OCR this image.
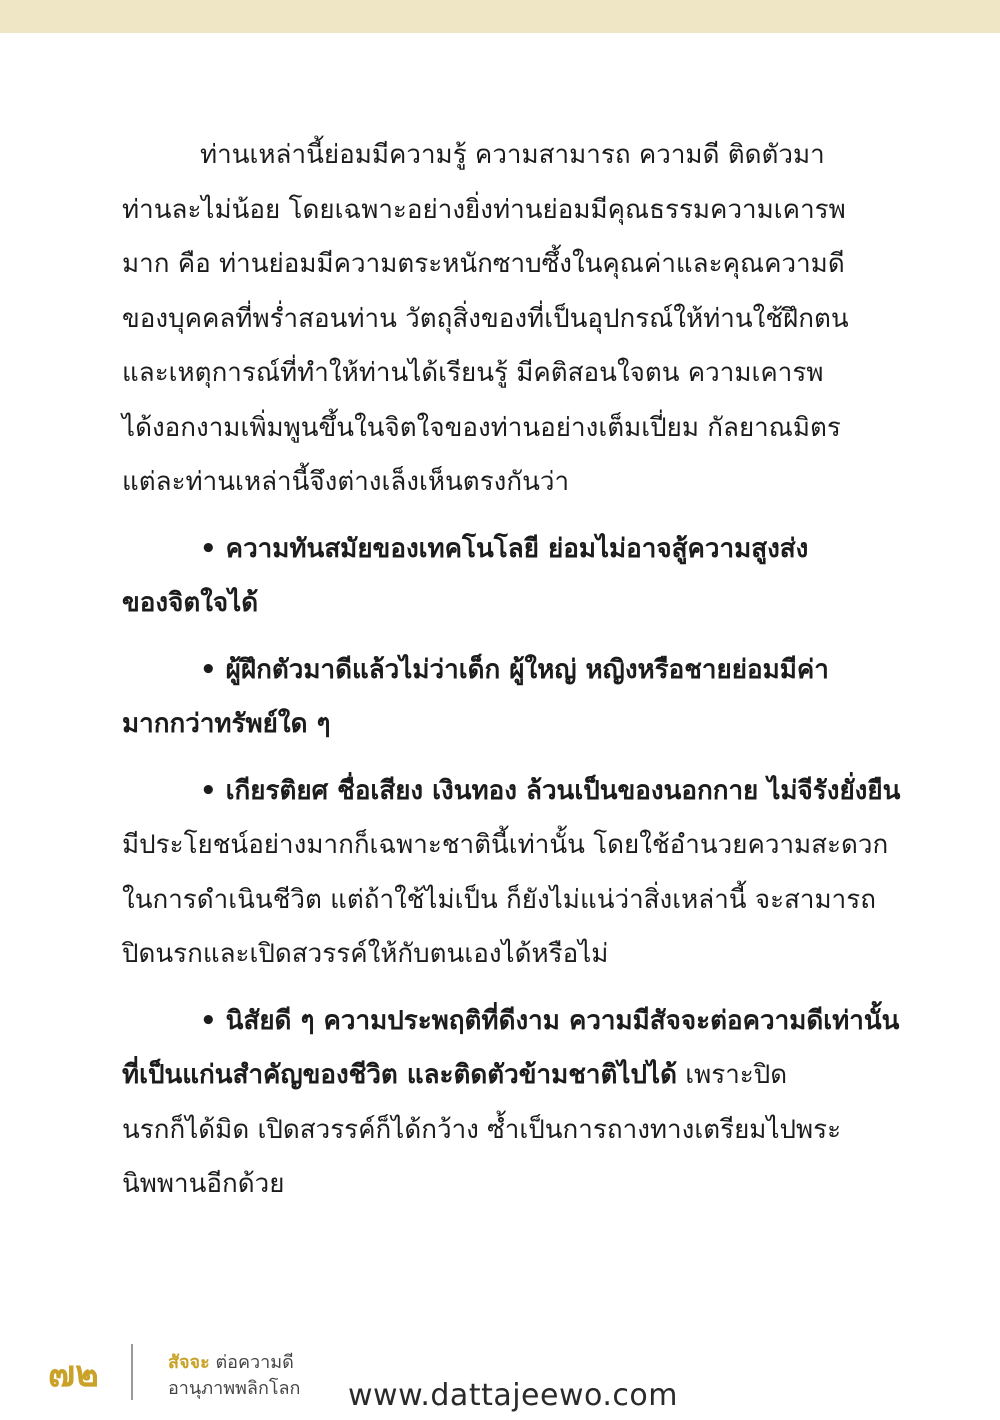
ท่านเหล่านี้ย่อมมีความรู้ ความสามารถ ความดี ติดตัวมา
ท่านละไม่น้อย โดยเฉพาะอย่างยิ่งท่านย่อมมีคุณธรรมความเคารพ
มาก คือ ท่านย่อมมีความตระหนักซาบซึ้งในคุณค่าและคุณความดี
ของบุคคลที่พร่ำสอนท่าน วัตถุสิ่งของที่เป็นอุปกรณ์ให้ท่านใช้ฝึกตน
และเหตุการณ์ที่ทำให้ท่านได้เรียนรู้ มีคติสอนใจตน ความเคารพ
ได้งอกงามเพิ่มพูนขึ้นในจิตใจของท่านอย่างเต็มเปี่ยม กัลยาณมิตร
แต่ละท่านเหล่านี้จึงต่างเล็งเห็นตรงกันว่า

• ความทันสมัยของเทคโนโลยี ย่อมไม่อาจสู้ความสูงส่ง
ของจิตใจได้

• ผู้ฝึกตัวมาดีแล้วไม่ว่าเด็ก ผู้ใหญ่ หญิงหรือชายย่อมมีค่า
มากกว่าทรัพย์ใด ๆ

• เกียรติยศ ชื่อเสียง เงินทอง ล้วนเป็นของนอกกาย ไม่จีรังยั่งยืน
มีประโยชน์อย่างมากก็เฉพาะชาตินี้เท่านั้น โดยใช้อำนวยความสะดวก
ในการดำเนินชีวิต แต่ถ้าใช้ไม่เป็น ก็ยังไม่แน่ว่าสิ่งเหล่านี้ จะสามารถ
ปิดนรกและเปิดสวรรค์ให้กับตนเองได้หรือไม่

• นิสัยดี ๆ ความประพฤติที่ดีงาม ความมีสัจจะต่อความดีเท่านั้น
ที่เป็นแก่นสำคัญของชีวิต และติดตัวข้ามชาติไปได้ เพราะปิด
นรกก็ได้มิด เปิดสวรรค์ก็ได้กว้าง ซ้ำเป็นการถางทางเตรียมไปพระ
นิพพานอีกด้วย

๗๒	สัจจะ ต่อความดี
อานุภาพพลิกโลก www.dattajeewo.com
